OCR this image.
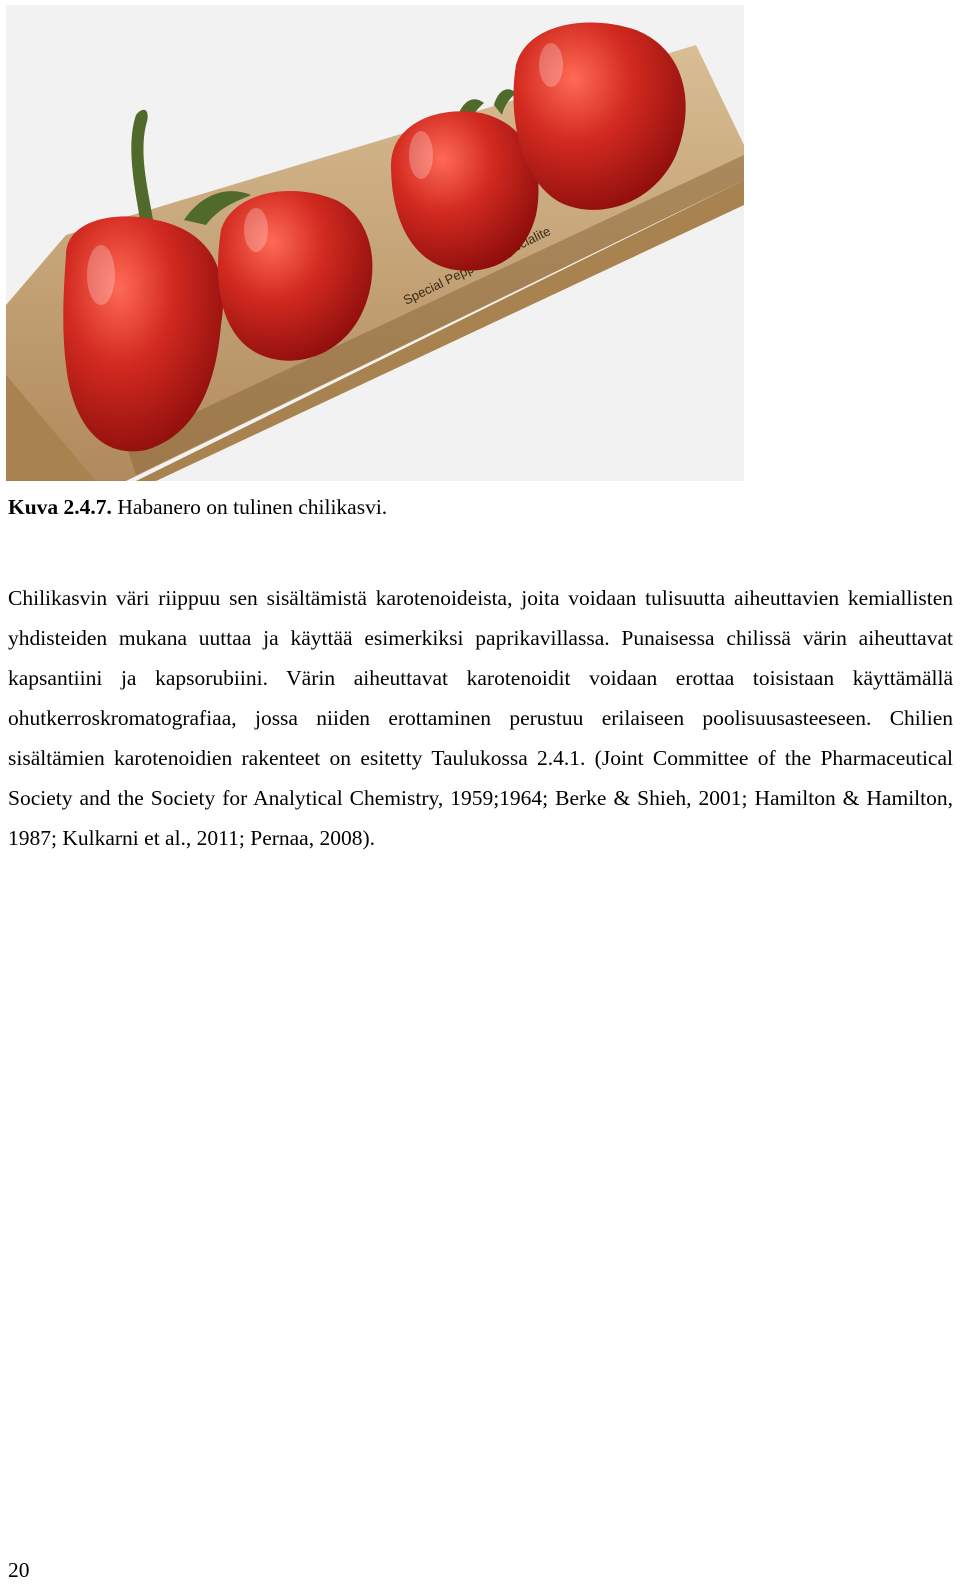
Special Specialite
Kuva 2.4.7. Habanero on tulinen chilikasvi.
Chilikasvin väri riippuu sen sisältämistä karotenoideista, joita voidaan tulisuutta aiheuttavien kemiallisten yhdisteiden mukana uuttaa ja käyttää esimerkiksi paprikavillassa. Punaisessa chilissä värin aiheuttavat kapsantiini ja kapsorubiini. Värin aiheuttavat karotenoidit voidaan erottaa toisistaan käyttämällä ohutkerroskromatografiaa, jossa niiden erottaminen perustuu erilaiseen poolisuusasteeseen. Chilien sisältämien karotenoidien rakenteet on esitetty Taulukossa 2.4.1. (Joint Committee of the Pharmaceutical Society and the Society for Analytical Chemistry, 1959;1964; Berke & Shieh, 2001; Hamilton & Hamilton, 1987; Kulkarni et al., 2011; Pernaa, 2008).
20
